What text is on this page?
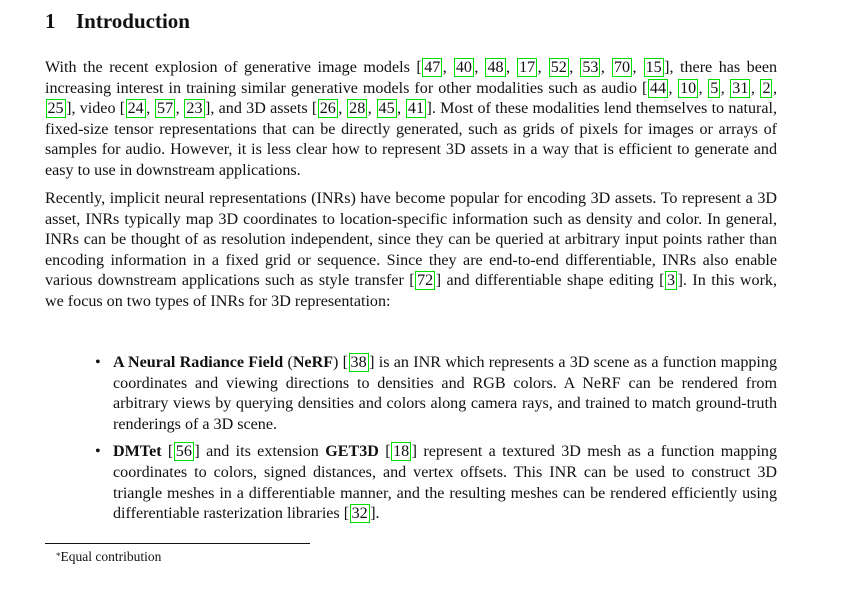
1 Introduction

With the recent explosion of generative image models [ 47 , 40 , 48 , 17 , 52 , 53 , 70 , 15 ], there has been increasing interest in training similar generative models for other modalities such as audio [ 44 , 10 , 5 , 31 , 2 , 25 ], video [ 24 , 57 , 23 ], and 3D assets [ 26 , 28 , 45 , 41 ]. Most of these modalities lend themselves to natural, fixed-size tensor representations that can be directly generated, such as grids of pixels for images or arrays of samples for audio. However, it is less clear how to represent 3D assets in a way that is efficient to generate and easy to use in downstream applications.

Recently, implicit neural representations (INRs) have become popular for encoding 3D assets. To represent a 3D asset, INRs typically map 3D coordinates to location-specific information such as density and color. In general, INRs can be thought of as resolution independent, since they can be queried at arbitrary input points rather than encoding information in a fixed grid or sequence. Since they are end-to-end differentiable, INRs also enable various downstream applications such as style transfer [ 72 ] and differentiable shape editing [ 3 ]. In this work, we focus on two types of INRs for 3D representation:

• A Neural Radiance Field (NeRF) [ 38 ] is an INR which represents a 3D scene as a function mapping coordinates and viewing directions to densities and RGB colors. A NeRF can be rendered from arbitrary views by querying densities and colors along camera rays, and trained to match ground-truth renderings of a 3D scene.
• DMTet [ 56 ] and its extension GET3D [ 18 ] represent a textured 3D mesh as a function mapping coordinates to colors, signed distances, and vertex offsets. This INR can be used to construct 3D triangle meshes in a differentiable manner, and the resulting meshes can be rendered efficiently using differentiable rasterization libraries [ 32 ].
*Equal contribution
